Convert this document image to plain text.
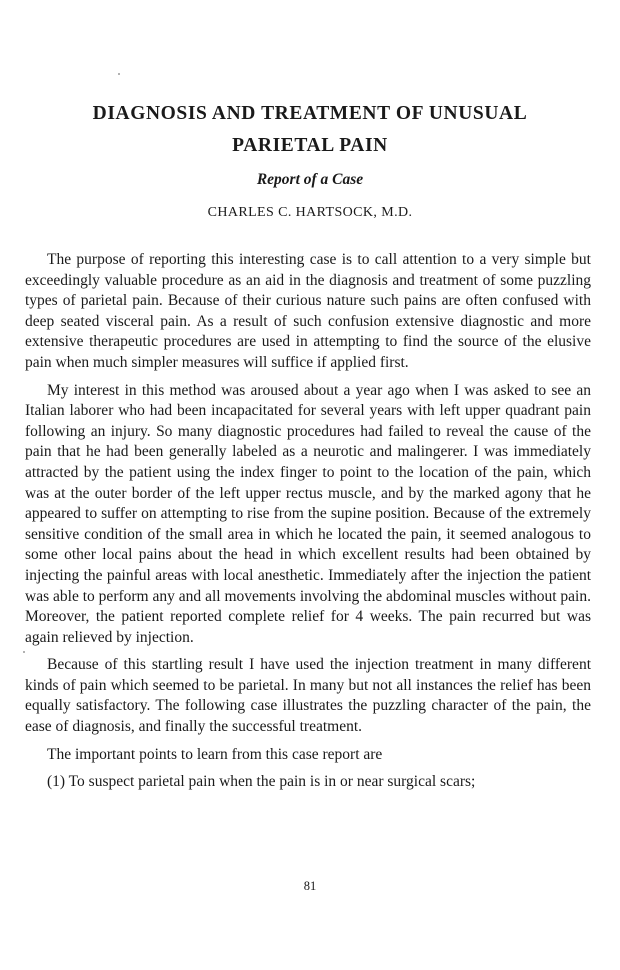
DIAGNOSIS AND TREATMENT OF UNUSUAL
PARIETAL PAIN

Report of a Case

CHARLES C. HARTSOCK, M.D.

The purpose of reporting this interesting case is to call attention to a very simple but exceedingly valuable procedure as an aid in the diagnosis and treatment of some puzzling types of parietal pain. Because of their curious nature such pains are often confused with deep seated visceral pain. As a result of such confusion extensive diagnostic and more extensive therapeutic procedures are used in attempting to find the source of the elusive pain when much simpler measures will suffice if applied first.

My interest in this method was aroused about a year ago when I was asked to see an Italian laborer who had been incapacitated for several years with left upper quadrant pain following an injury. So many diagnostic procedures had failed to reveal the cause of the pain that he had been generally labeled as a neurotic and malingerer. I was immediately attracted by the patient using the index finger to point to the location of the pain, which was at the outer border of the left upper rectus muscle, and by the marked agony that he appeared to suffer on attempting to rise from the supine position. Because of the extremely sensitive condition of the small area in which he located the pain, it seemed analogous to some other local pains about the head in which excellent results had been obtained by injecting the painful areas with local anesthetic. Immediately after the injection the patient was able to perform any and all movements involving the abdominal muscles without pain. Moreover, the patient reported complete relief for 4 weeks. The pain recurred but was again relieved by injection.

Because of this startling result I have used the injection treatment in many different kinds of pain which seemed to be parietal. In many but not all instances the relief has been equally satisfactory. The following case illustrates the puzzling character of the pain, the ease of diagnosis, and finally the successful treatment.

The important points to learn from this case report are

(1) To suspect parietal pain when the pain is in or near surgical scars;

81
